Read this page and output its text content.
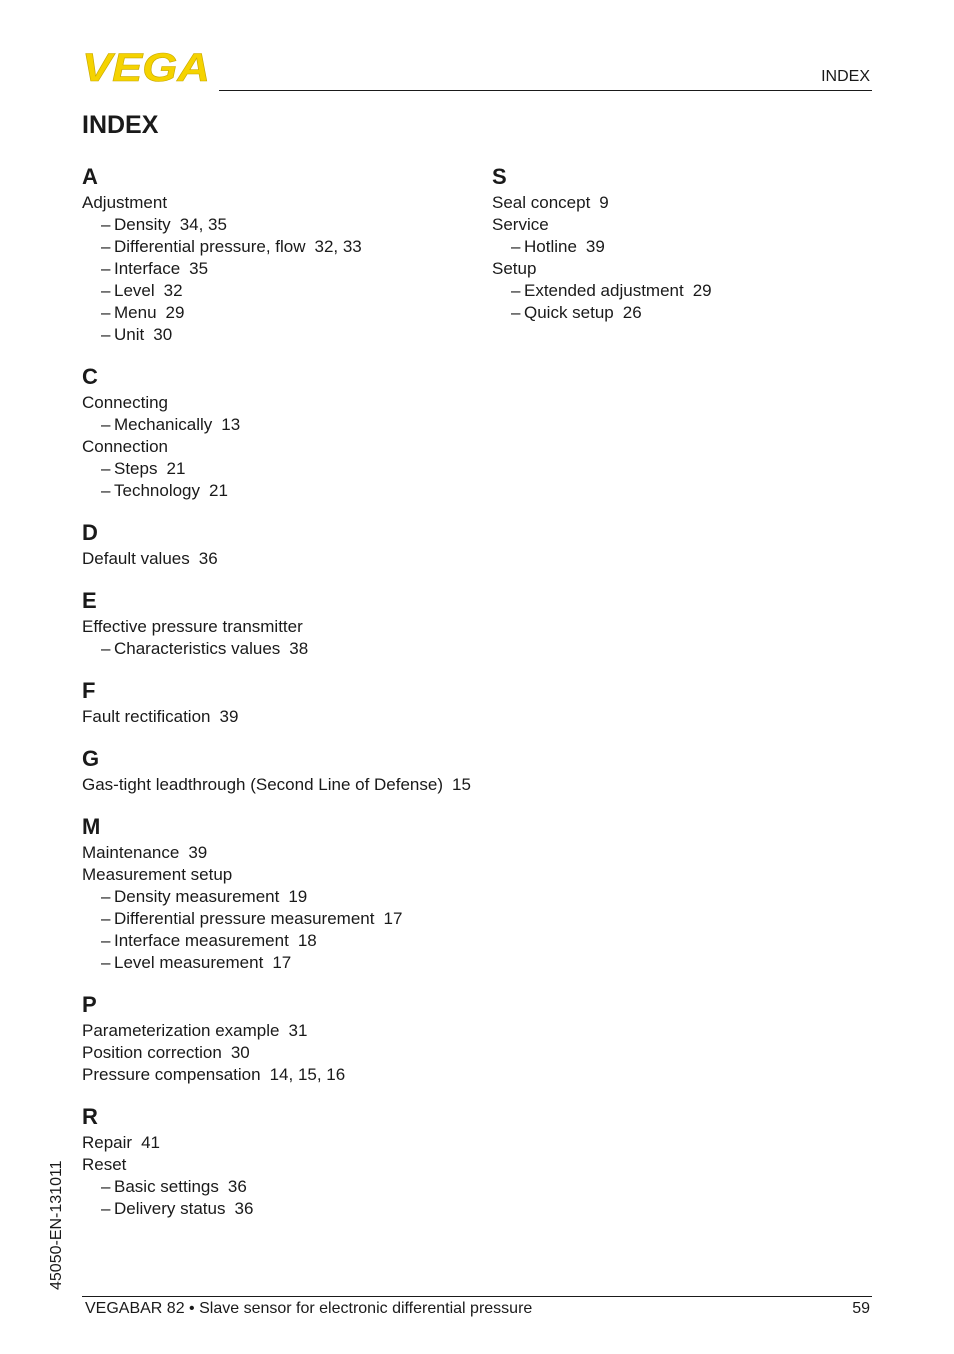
VEGA	INDEX
INDEX
A
Adjustment
– Density 34, 35
– Differential pressure, flow 32, 33
– Interface 35
– Level 32
– Menu 29
– Unit 30
C
Connecting
– Mechanically 13
Connection
– Steps 21
– Technology 21
D
Default values 36
E
Effective pressure transmitter
– Characteristics values 38
F
Fault rectification 39
G
Gas-tight leadthrough (Second Line of Defense) 15
M
Maintenance 39
Measurement setup
– Density measurement 19
– Differential pressure measurement 17
– Interface measurement 18
– Level measurement 17
P
Parameterization example 31
Position correction 30
Pressure compensation 14, 15, 16
R
Repair 41
Reset
– Basic settings 36
– Delivery status 36
S
Seal concept 9
Service
– Hotline 39
Setup
– Extended adjustment 29
– Quick setup 26
45050-EN-131011
VEGABAR 82 • Slave sensor for electronic differential pressure	59
